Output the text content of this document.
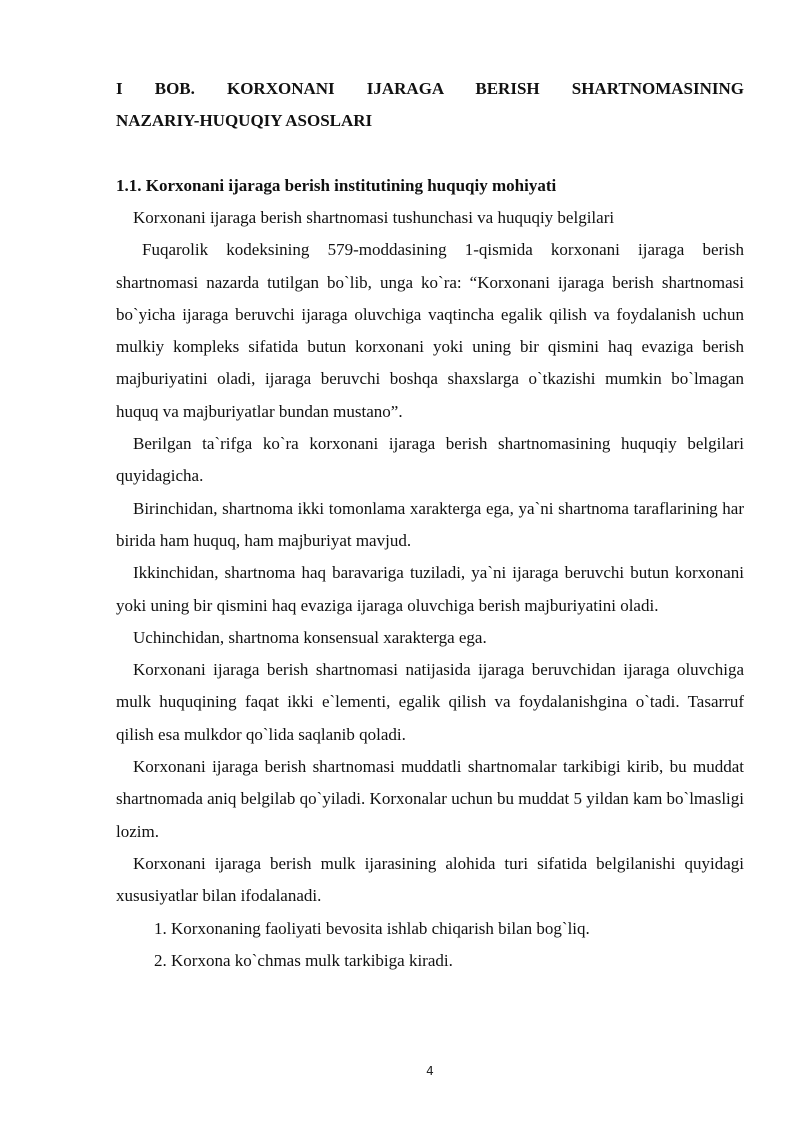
I BOB. KORXONANI IJARAGA BERISH SHARTNOMASINING

NAZARIY-HUQUQIY ASOSLARI

1.1. Korxonani ijaraga berish institutining huquqiy mohiyati

Korxonani ijaraga berish shartnomasi tushunchasi va huquqiy belgilari

Fuqarolik kodeksining 579-moddasining 1-qismida korxonani ijaraga berish shartnomasi nazarda tutilgan bo`lib, unga ko`ra: “Korxonani ijaraga berish shartnomasi bo`yicha ijaraga beruvchi ijaraga oluvchiga vaqtincha egalik qilish va foydalanish uchun mulkiy kompleks sifatida butun korxonani yoki uning bir qismini haq evaziga berish majburiyatini oladi, ijaraga beruvchi boshqa shaxslarga o`tkazishi mumkin bo`lmagan huquq va majburiyatlar bundan mustano”.

Berilgan ta`rifga ko`ra korxonani ijaraga berish shartnomasining huquqiy belgilari quyidagicha.

Birinchidan, shartnoma ikki tomonlama xarakterga ega, ya`ni shartnoma taraflarining har birida ham huquq, ham majburiyat mavjud.

Ikkinchidan, shartnoma haq baravariga tuziladi, ya`ni ijaraga beruvchi butun korxonani yoki uning bir qismini haq evaziga ijaraga oluvchiga berish majburiyatini oladi.

Uchinchidan, shartnoma konsensual xarakterga ega.

Korxonani ijaraga berish shartnomasi natijasida ijaraga beruvchidan ijaraga oluvchiga mulk huquqining faqat ikki e`lementi, egalik qilish va foydalanishgina o`tadi. Tasarruf qilish esa mulkdor qo`lida saqlanib qoladi.

Korxonani ijaraga berish shartnomasi muddatli shartnomalar tarkibigi kirib, bu muddat shartnomada aniq belgilab qo`yiladi. Korxonalar uchun bu muddat 5 yildan kam bo`lmasligi lozim.

Korxonani ijaraga berish mulk ijarasining alohida turi sifatida belgilanishi quyidagi xususiyatlar bilan ifodalanadi.

1. Korxonaning faoliyati bevosita ishlab chiqarish bilan bog`liq.

2. Korxona ko`chmas mulk tarkibiga kiradi.

4
